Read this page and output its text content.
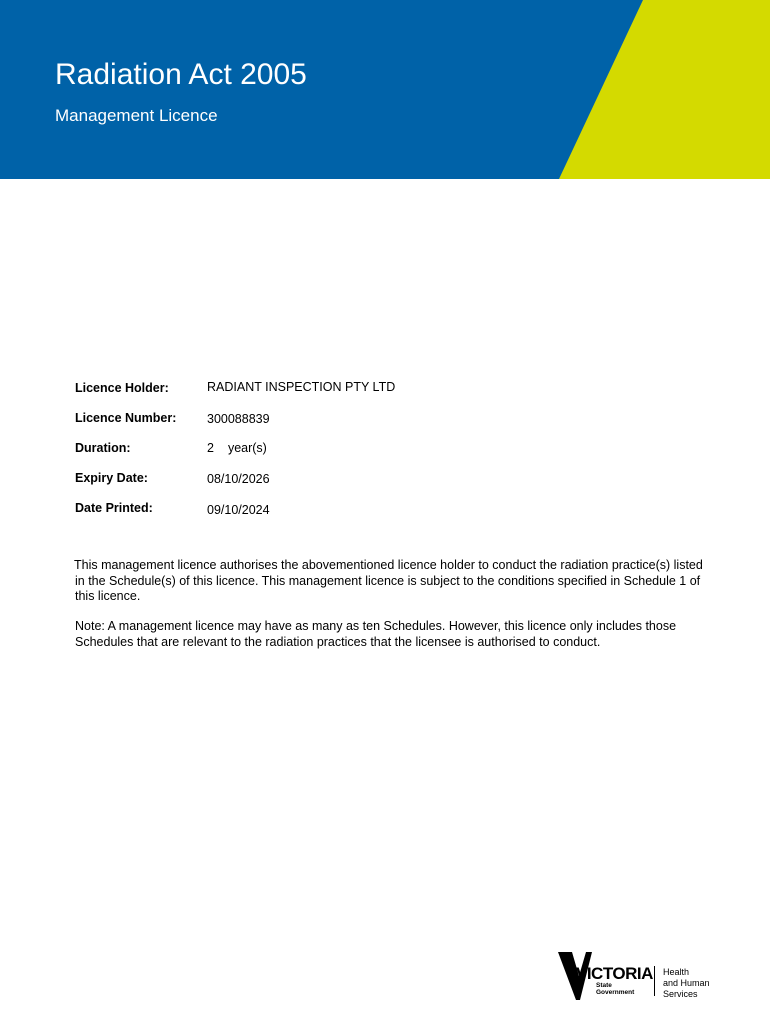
Radiation Act 2005
Management Licence
Licence Holder:	RADIANT INSPECTION PTY LTD
Licence Number: 300088839
Duration:	2 year(s)
Expiry Date:	08/10/2026
Date Printed:	09/10/2024

This management licence authorises the abovementioned licence holder to conduct the radiation practice(s) listed in the Schedule(s) of this licence. This management licence is subject to the conditions specified in Schedule 1 of this licence.

Note: A management licence may have as many as ten Schedules. However, this licence only includes those Schedules that are relevant to the radiation practices that the licensee is authorised to conduct.

VICTORIA
State
Government
Health
and Human
Services
